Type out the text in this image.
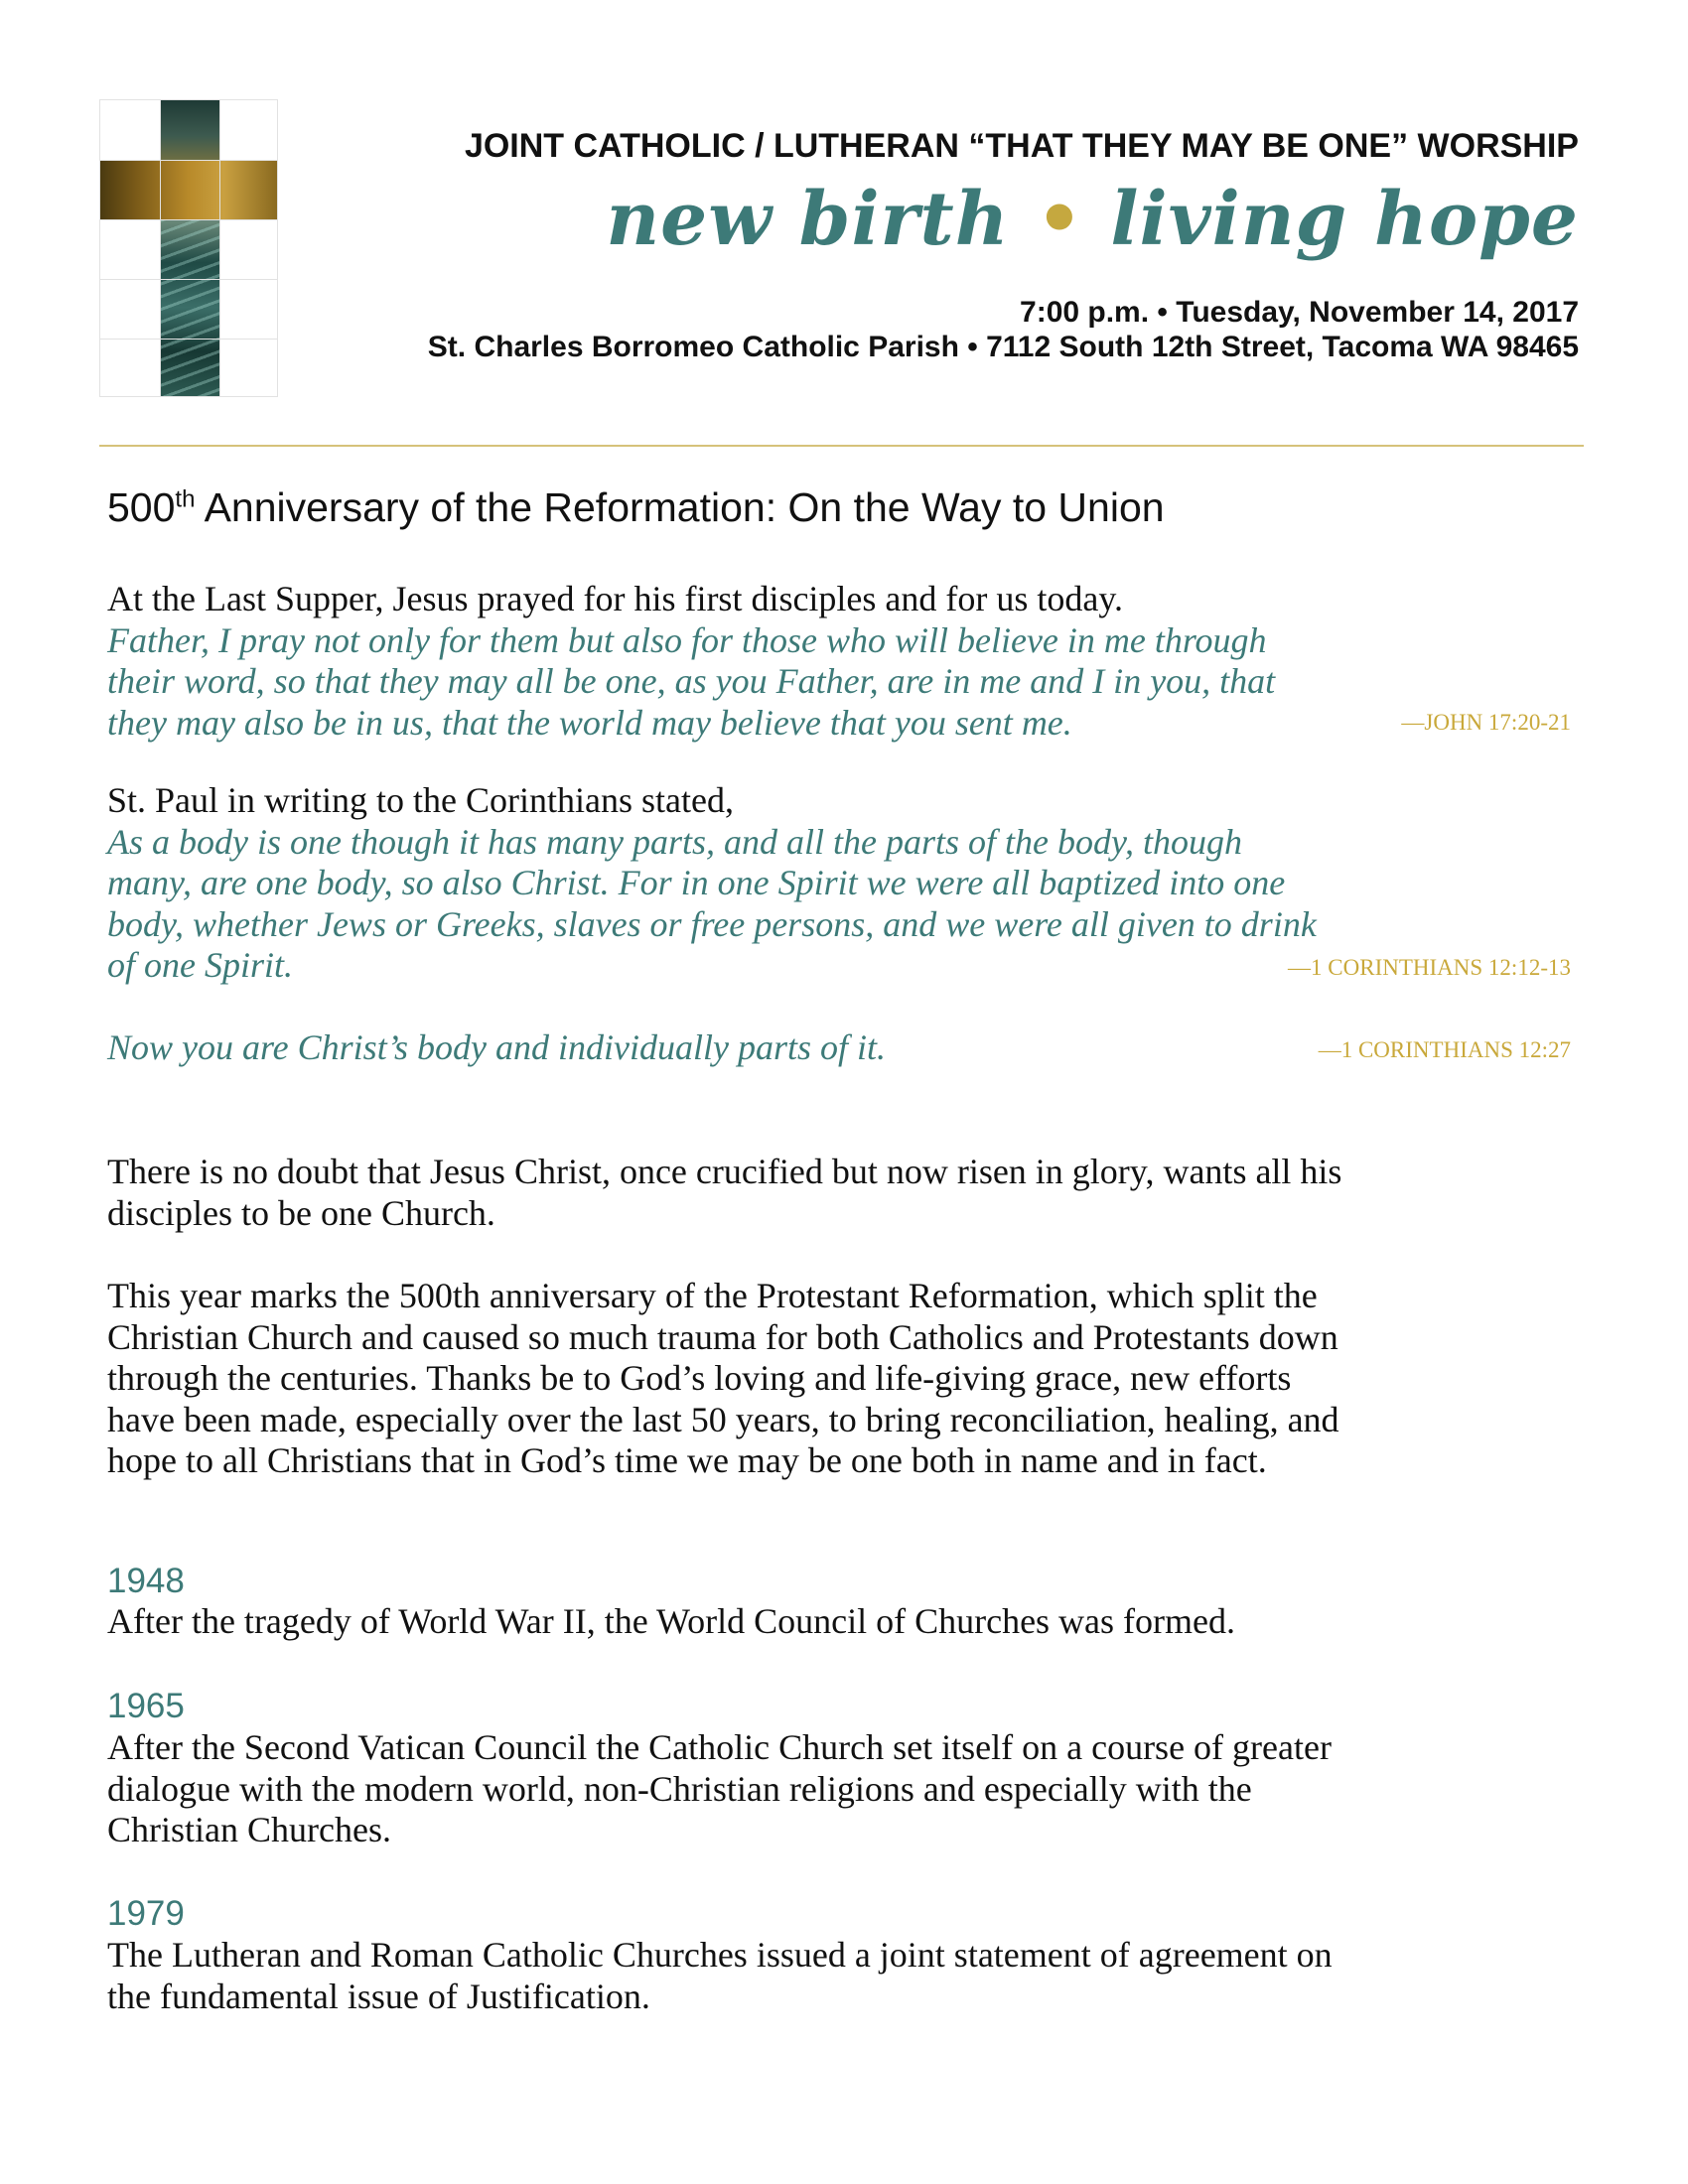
JOINT CATHOLIC / LUTHERAN “THAT THEY MAY BE ONE” WORSHIP
new birth • living hope
7:00 p.m. • Tuesday, November 14, 2017
St. Charles Borromeo Catholic Parish • 7112 South 12th Street, Tacoma WA 98465
500th Anniversary of the Reformation: On the Way to Union
At the Last Supper, Jesus prayed for his first disciples and for us today.
Father, I pray not only for them but also for those who will believe in me through
their word, so that they may all be one, as you Father, are in me and I in you, that
they may also be in us, that the world may believe that you sent me.	—JOHN 17:20-21
St. Paul in writing to the Corinthians stated,
As a body is one though it has many parts, and all the parts of the body, though
many, are one body, so also Christ. For in one Spirit we were all baptized into one
body, whether Jews or Greeks, slaves or free persons, and we were all given to drink
of one Spirit.	—1 CORINTHIANS 12:12-13
Now you are Christ’s body and individually parts of it.	—1 CORINTHIANS 12:27
There is no doubt that Jesus Christ, once crucified but now risen in glory, wants all his
disciples to be one Church.
This year marks the 500th anniversary of the Protestant Reformation, which split the
Christian Church and caused so much trauma for both Catholics and Protestants down
through the centuries. Thanks be to God’s loving and life-giving grace, new efforts
have been made, especially over the last 50 years, to bring reconciliation, healing, and
hope to all Christians that in God’s time we may be one both in name and in fact.
1948
After the tragedy of World War II, the World Council of Churches was formed.
1965
After the Second Vatican Council the Catholic Church set itself on a course of greater
dialogue with the modern world, non-Christian religions and especially with the
Christian Churches.
1979
The Lutheran and Roman Catholic Churches issued a joint statement of agreement on
the fundamental issue of Justification.
